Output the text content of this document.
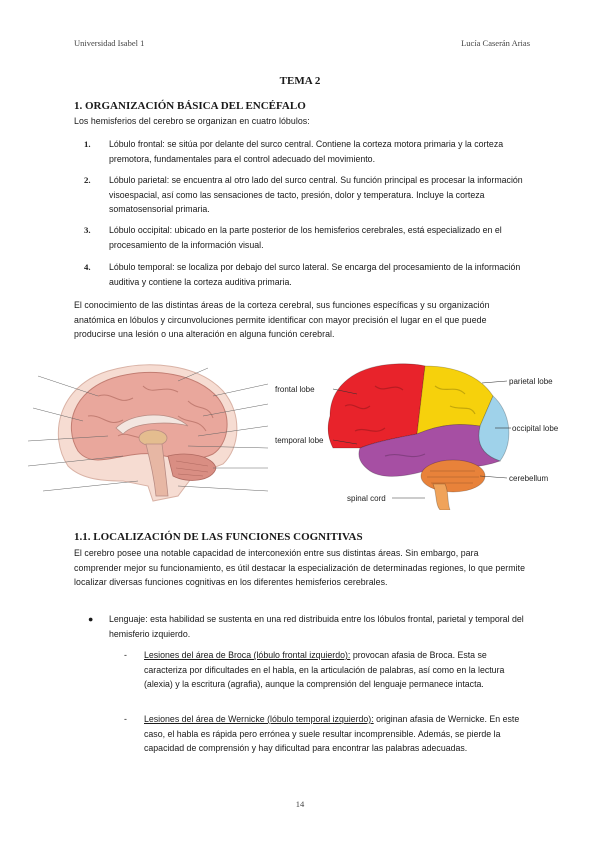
Universidad Isabel 1	Lucía Caserán Arias
TEMA 2
1. ORGANIZACIÓN BÁSICA DEL ENCÉFALO
Los hemisferios del cerebro se organizan en cuatro lóbulos:
1. Lóbulo frontal: se sitúa por delante del surco central. Contiene la corteza motora primaria y la corteza premotora, fundamentales para el control adecuado del movimiento.
2. Lóbulo parietal: se encuentra al otro lado del surco central. Su función principal es procesar la información visoespacial, así como las sensaciones de tacto, presión, dolor y temperatura. Incluye la corteza somatosensorial primaria.
3. Lóbulo occipital: ubicado en la parte posterior de los hemisferios cerebrales, está especializado en el procesamiento de la información visual.
4. Lóbulo temporal: se localiza por debajo del surco lateral. Se encarga del procesamiento de la información auditiva y contiene la corteza auditiva primaria.
El conocimiento de las distintas áreas de la corteza cerebral, sus funciones específicas y su organización anatómica en lóbulos y circunvoluciones permite identificar con mayor precisión el lugar en el que puede producirse una lesión o una alteración en alguna función cerebral.
frontal lobe
parietal lobe
occipital lobe
temporal lobe
cerebellum
spinal cord
1.1. LOCALIZACIÓN DE LAS FUNCIONES COGNITIVAS
El cerebro posee una notable capacidad de interconexión entre sus distintas áreas. Sin embargo, para comprender mejor su funcionamiento, es útil destacar la especialización de determinadas regiones, lo que permite localizar diversas funciones cognitivas en los diferentes hemisferios cerebrales.
● Lenguaje: esta habilidad se sustenta en una red distribuida entre los lóbulos frontal, parietal y temporal del hemisferio izquierdo.
- Lesiones del área de Broca (lóbulo frontal izquierdo): provocan afasia de Broca. Esta se caracteriza por dificultades en el habla, en la articulación de palabras, así como en la lectura (alexia) y la escritura (agrafia), aunque la comprensión del lenguaje permanece intacta.
- Lesiones del área de Wernicke (lóbulo temporal izquierdo): originan afasia de Wernicke. En este caso, el habla es rápida pero errónea y suele resultar incomprensible. Además, se pierde la capacidad de comprensión y hay dificultad para encontrar las palabras adecuadas.
14
